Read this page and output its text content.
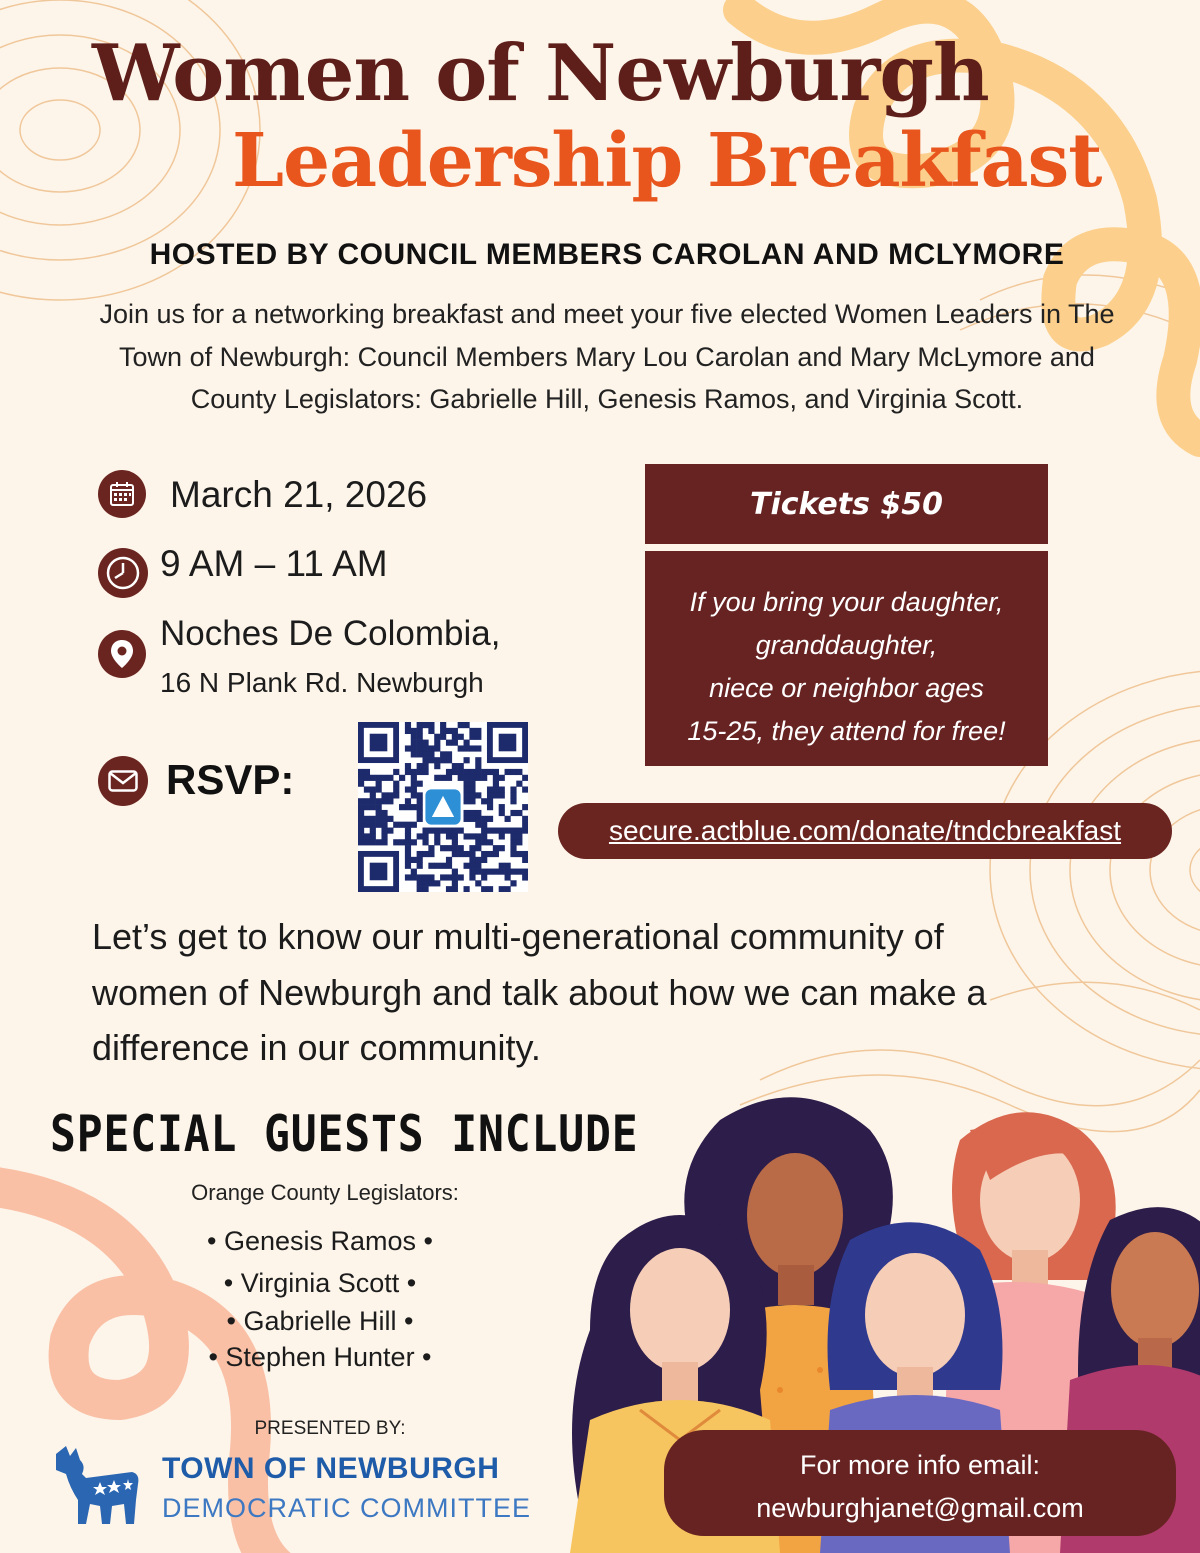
Women of Newburgh
Leadership Breakfast
HOSTED BY COUNCIL MEMBERS CAROLAN AND MCLYMORE
Join us for a networking breakfast and meet your five elected Women Leaders in The
Town of Newburgh: Council Members Mary Lou Carolan and Mary McLymore and
County Legislators: Gabrielle Hill, Genesis Ramos, and Virginia Scott.
March 21, 2026
9 AM – 11 AM
Noches De Colombia,
16 N Plank Rd. Newburgh
RSVP:
Tickets $50
If you bring your daughter,
granddaughter,
niece or neighbor ages
15-25, they attend for free!
secure.actblue.com/donate/tndcbreakfast
Let’s get to know our multi-generational community of
women of Newburgh and talk about how we can make a
difference in our community.
SPECIAL GUESTS INCLUDE
Orange County Legislators:
• Genesis Ramos •
• Virginia Scott •
• Gabrielle Hill •
• Stephen Hunter •
PRESENTED BY:
TOWN OF NEWBURGH
DEMOCRATIC COMMITTEE
For more info email:
newburghjanet@gmail.com
